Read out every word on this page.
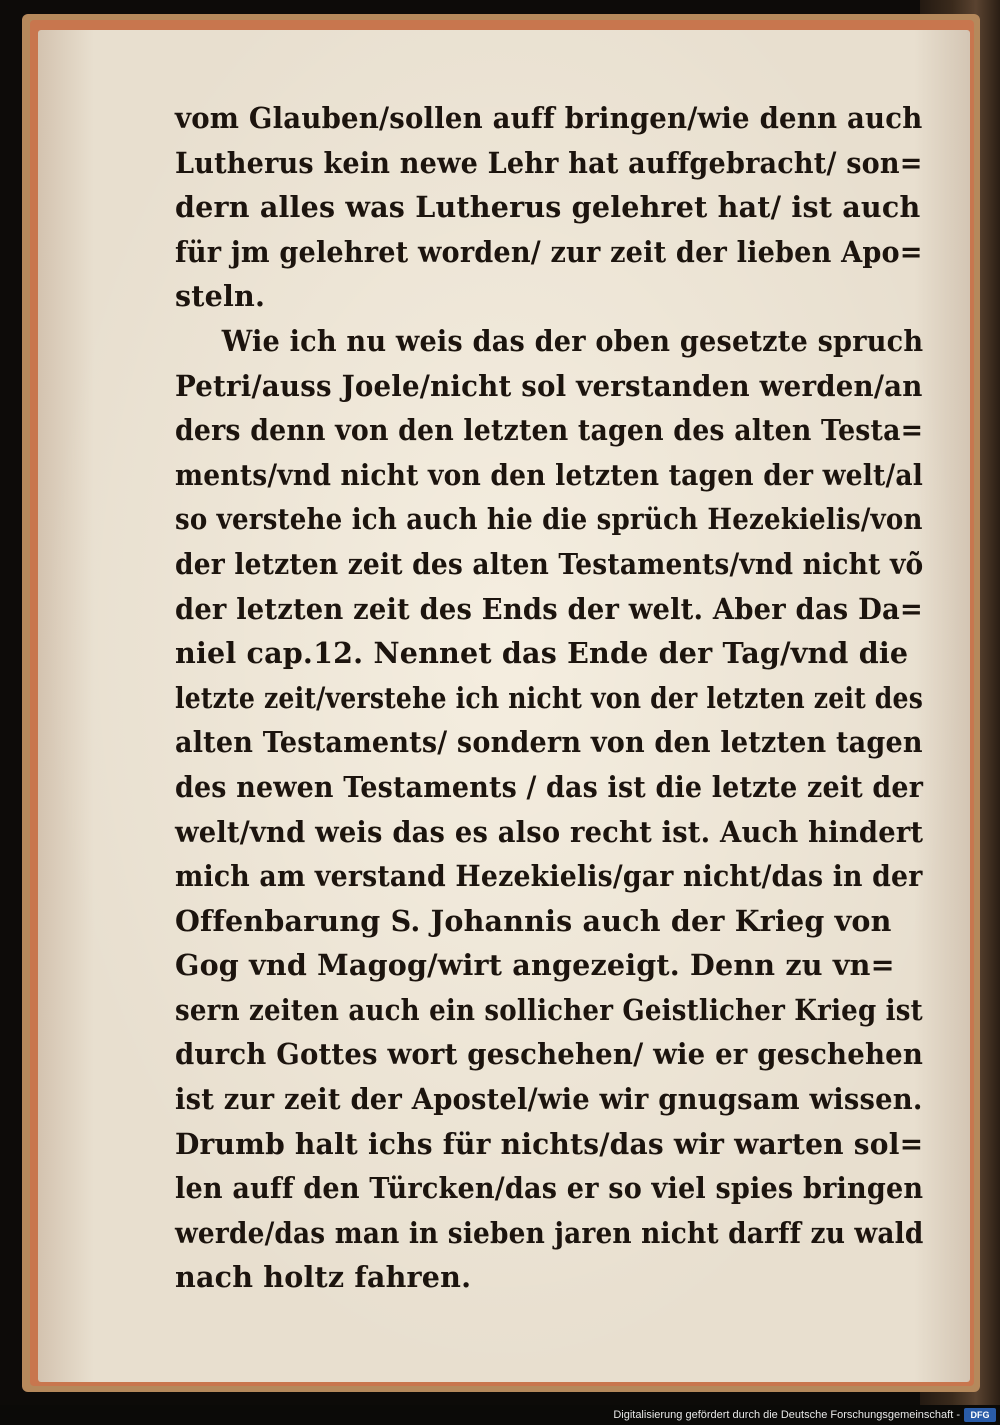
vom Glauben/sollen auff bringen/wie denn auch
Lutherus kein newe Lehr hat auffgebracht/ son=
dern alles was Lutherus gelehret hat/ ist auch
für jm gelehret worden/ zur zeit der lieben Apo=
steln.
Wie ich nu weis das der oben gesetzte spruch
Petri/auss Joele/nicht sol verstanden werden/an
ders denn von den letzten tagen des alten Testa=
ments/vnd nicht von den letzten tagen der welt/al
so verstehe ich auch hie die sprüch Hezekielis/von
der letzten zeit des alten Testaments/vnd nicht võ
der letzten zeit des Ends der welt. Aber das Da=
niel cap.12. Nennet das Ende der Tag/vnd die
letzte zeit/verstehe ich nicht von der letzten zeit des
alten Testaments/ sondern von den letzten tagen
des newen Testaments / das ist die letzte zeit der
welt/vnd weis das es also recht ist. Auch hindert
mich am verstand Hezekielis/gar nicht/das in der
Offenbarung S. Johannis auch der Krieg von
Gog vnd Magog/wirt angezeigt. Denn zu vn=
sern zeiten auch ein sollicher Geistlicher Krieg ist
durch Gottes wort geschehen/ wie er geschehen
ist zur zeit der Apostel/wie wir gnugsam wissen.
Drumb halt ichs für nichts/das wir warten sol=
len auff den Türcken/das er so viel spies bringen
werde/das man in sieben jaren nicht darff zu wald
nach holtz fahren.
Digitalisierung gefördert durch die Deutsche Forschungsgemeinschaft -	DFG
